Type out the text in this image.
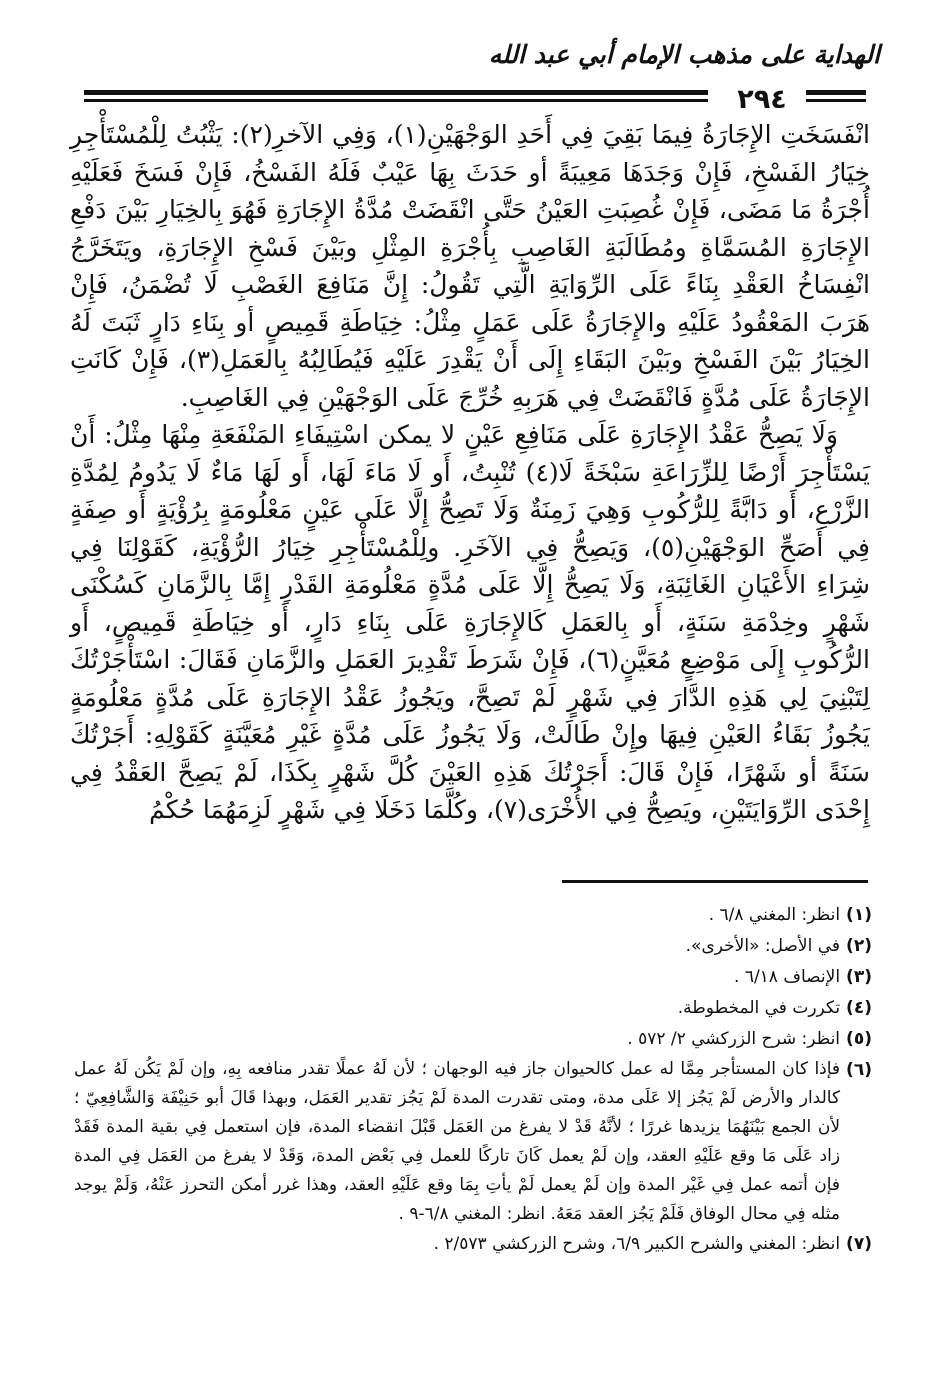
الهداية على مذهب الإمام أبي عبد الله
٢٩٤

انْفَسَخَتِ الإِجَارَةُ فِيمَا بَقِيَ فِي أَحَدِ الوَجْهَيْنِ(١)، وَفِي الآخرِ(٢): يَثْبُتُ لِلْمُسْتَأْجِرِ خِيَارُ الفَسْخِ، فَإِنْ وَجَدَهَا مَعِيبَةً أو حَدَثَ بِهَا عَيْبٌ فَلَهُ الفَسْخُ، فَإِنْ فَسَخَ فَعَلَيْهِ أُجْرَةُ مَا مَضَى، فَإِنْ غُصِبَتِ العَيْنُ حَتَّى انْقَضَتْ مُدَّةُ الإِجَارَةِ فَهُوَ بِالخِيَارِ بَيْنَ دَفْعِ الإِجَارَةِ المُسَمَّاةِ ومُطَالَبَةِ الغَاصِبِ بِأُجْرَةِ المِثْلِ وبَيْنَ فَسْخِ الإِجَارَةِ، ويَتَخَرَّجُ انْفِسَاخُ العَقْدِ بِنَاءً عَلَى الرِّوَايَةِ الَّتِي تَقُولُ: إِنَّ مَنَافِعَ الغَصْبِ لَا تُضْمَنُ، فَإِنْ هَرَبَ المَعْقُودُ عَلَيْهِ والإِجَارَةُ عَلَى عَمَلٍ مِثْلُ: خِيَاطَةِ قَمِيصٍ أو بِنَاءِ دَارٍ ثَبَتَ لَهُ الخِيَارُ بَيْنَ الفَسْخِ وبَيْنَ البَقَاءِ إِلَى أَنْ يَقْدِرَ عَلَيْهِ فَيُطَالِبُهُ بِالعَمَلِ(٣)، فَإِنْ كَانَتِ الإِجَارَةُ عَلَى مُدَّةٍ فَانْقَضَتْ فِي هَرَبِهِ خُرِّجَ عَلَى الوَجْهَيْنِ فِي الغَاصِبِ.

وَلَا يَصِحُّ عَقْدُ الإِجَارَةِ عَلَى مَنَافِعِ عَيْنٍ لا يمكن اسْتِيفَاءِ المَنْفَعَةِ مِنْهَا مِثْلُ: أَنْ يَسْتَأْجِرَ أَرْضًا لِلزِّرَاعَةِ سَبْخَةً لَا(٤) تُنْبِتُ، أَو لَا مَاءَ لَهَا، أَو لَهَا مَاءٌ لَا يَدُومُ لِمُدَّةِ الزَّرْعِ، أَو دَابَّةً لِلرُّكُوبِ وَهِيَ زَمِنَةٌ وَلَا تَصِحُّ إِلَّا عَلَى عَيْنٍ مَعْلُومَةٍ بِرُؤْيَةٍ أَو صِفَةٍ فِي أَصَحِّ الوَجْهَيْنِ(٥)، وَيَصِحُّ فِي الآخَرِ. ولِلْمُسْتَأْجِرِ خِيَارُ الرُّؤْيَةِ، كَقَوْلِنَا فِي شِرَاءِ الأَعْيَانِ الغَائِبَةِ، وَلَا يَصِحُّ إِلَّا عَلَى مُدَّةٍ مَعْلُومَةِ القَدْرِ إِمَّا بِالزَّمَانِ كَسُكْنَى شَهْرٍ وخِدْمَةِ سَنَةٍ، أَو بِالعَمَلِ كَالإِجَارَةِ عَلَى بِنَاءِ دَارٍ، أَو خِيَاطَةِ قَمِيصٍ، أَو الرُّكُوبِ إِلَى مَوْضِعٍ مُعَيَّنٍ(٦)، فَإِنْ شَرَطَ تَقْدِيرَ العَمَلِ والزَّمَانِ فَقَالَ: اسْتَأْجَرْتُكَ لِتَبْنِيَ لِي هَذِهِ الدَّارَ فِي شَهْرٍ لَمْ تَصِحَّ، ويَجُوزُ عَقْدُ الإِجَارَةِ عَلَى مُدَّةٍ مَعْلُومَةٍ يَجُوزُ بَقَاءُ العَيْنِ فِيهَا وإِنْ طَالَتْ، وَلَا يَجُوزُ عَلَى مُدَّةٍ غَيْرِ مُعَيَّنَةٍ كَقَوْلِهِ: أَجَرْتُكَ سَنَةً أو شَهْرًا، فَإِنْ قَالَ: أَجَرْتُكَ هَذِهِ العَيْنَ كُلَّ شَهْرٍ بِكَذَا، لَمْ يَصِحَّ العَقْدُ فِي إِحْدَى الرِّوَايَتَيْنِ، ويَصِحُّ فِي الأُخْرَى(٧)، وكُلَّمَا دَخَلَا فِي شَهْرٍ لَزِمَهُمَا حُكْمُ

(١)
انظر: المغني ٦/٨ .
(٢)
في الأصل: «الأخرى».
(٣)
الإنصاف ٦/١٨ .
(٤)
تكررت في المخطوطة.
(٥)
انظر: شرح الزركشي ٢/ ٥٧٢ .
(٦)
فإذا كان المستأجر مِمَّا له عمل كالحيوان جاز فيه الوجهان ؛ لأن لَهُ عملًا تقدر منافعه بِهِ، وإن لَمْ يَكُن لَهُ عمل كالدار والأرض لَمْ يَجُز إلا عَلَى مدة، ومتى تقدرت المدة لَمْ يَجُز تقدير العَمَل، وبهذا قَالَ أبو حَنِيْفَة وَالشَّافِعِيّ ؛ لأن الجمع بَيْنَهُمَا يزيدها غررًا ؛ لأنَّهُ قَدْ لا يفرغ من العَمَل قَبْلَ انقضاء المدة، فإن استعمل فِي بقية المدة فَقَدْ زاد عَلَى مَا وقع عَلَيْهِ العقد، وإن لَمْ يعمل كَانَ تاركًا للعمل فِي بَعْض المدة، وَقَدْ لا يفرغ من العَمَل فِي المدة فإن أتمه عمل فِي غَيْر المدة وإن لَمْ يعمل لَمْ يأتِ بِمَا وقع عَلَيْهِ العقد، وهذا غرر أمكن التحرز عَنْهُ، وَلَمْ يوجد مثله فِي محال الوفاق فَلَمْ يَجُز العقد مَعَهُ. انظر: المغني ٦/٨-٩ .
(٧)
انظر: المغني والشرح الكبير ٦/٩، وشرح الزركشي ٢/٥٧٣ .
